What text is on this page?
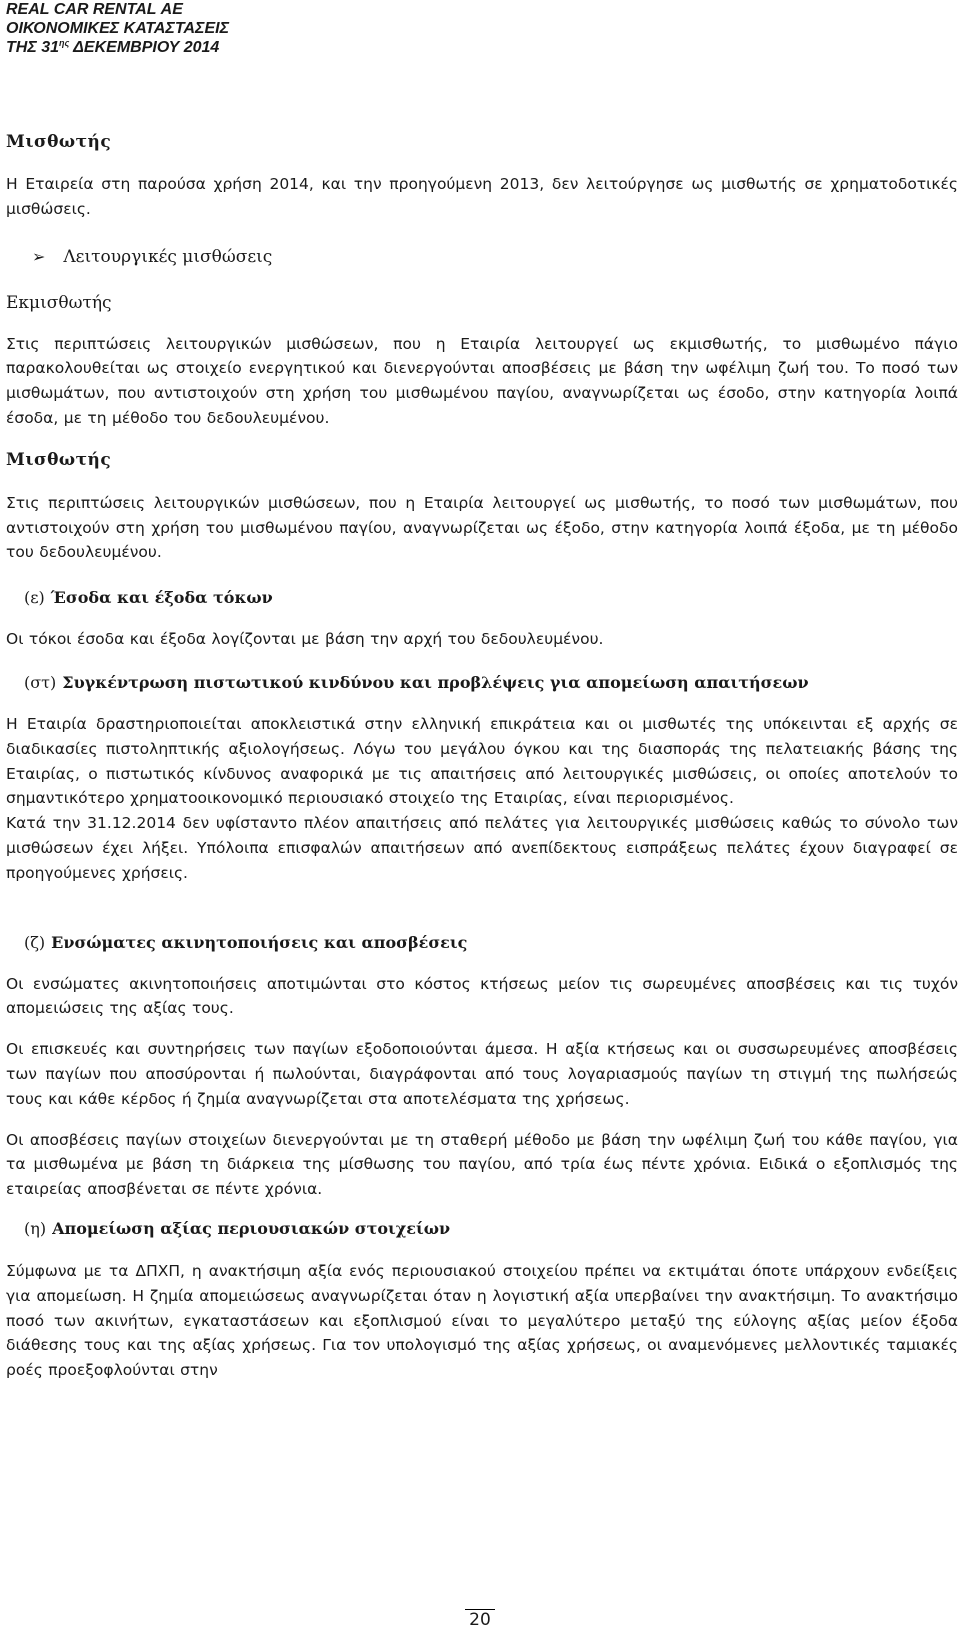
REAL CAR RENTAL ΑΕ
ΟΙΚΟΝΟΜΙΚΕΣ ΚΑΤΑΣΤΑΣΕΙΣ
ΤΗΣ $31^{\eta\varsigma}$ ΔΕΚΕΜΒΡΙΟΥ 2014
Μισθωτής

Η Εταιρεία στη παρούσα χρήση 2014, και την προηγούμενη 2013, δεν λειτούργησε ως μισθωτής σε χρηματοδοτικές μισθώσεις.

➢ Λειτουργικές μισθώσεις
Εκμισθωτής

Στις περιπτώσεις λειτουργικών μισθώσεων, που η Εταιρία λειτουργεί ως εκμισθωτής, το μισθωμένο πάγιο παρακολουθείται ως στοιχείο ενεργητικού και διενεργούνται αποσβέσεις με βάση την ωφέλιμη ζωή του. Το ποσό των μισθωμάτων, που αντιστοιχούν στη χρήση του μισθωμένου παγίου, αναγνωρίζεται ως έσοδο, στην κατηγορία λοιπά έσοδα, με τη μέθοδο του δεδουλευμένου.

Μισθωτής

Στις περιπτώσεις λειτουργικών μισθώσεων, που η Εταιρία λειτουργεί ως μισθωτής, το ποσό των μισθωμάτων, που αντιστοιχούν στη χρήση του μισθωμένου παγίου, αναγνωρίζεται ως έξοδο, στην κατηγορία λοιπά έξοδα, με τη μέθοδο του δεδουλευμένου.

(ε) Έσοδα και έξοδα τόκων

Οι τόκοι έσοδα και έξοδα λογίζονται με βάση την αρχή του δεδουλευμένου.

(στ) Συγκέντρωση πιστωτικού κινδύνου και προβλέψεις για απομείωση απαιτήσεων

Η Εταιρία δραστηριοποιείται αποκλειστικά στην ελληνική επικράτεια και οι μισθωτές της υπόκεινται εξ αρχής σε διαδικασίες πιστοληπτικής αξιολογήσεως. Λόγω του μεγάλου όγκου και της διασποράς της πελατειακής βάσης της Εταιρίας, ο πιστωτικός κίνδυνος αναφορικά με τις απαιτήσεις από λειτουργικές μισθώσεις, οι οποίες αποτελούν το σημαντικότερο χρηματοοικονομικό περιουσιακό στοιχείο της Εταιρίας, είναι περιορισμένος.

Κατά την 31.12.2014 δεν υφίσταντο πλέον απαιτήσεις από πελάτες για λειτουργικές μισθώσεις καθώς το σύνολο των μισθώσεων έχει λήξει. Υπόλοιπα επισφαλών απαιτήσεων από ανεπίδεκτους εισπράξεως πελάτες έχουν διαγραφεί σε προηγούμενες χρήσεις.

(ζ) Ενσώματες ακινητοποιήσεις και αποσβέσεις

Οι ενσώματες ακινητοποιήσεις αποτιμώνται στο κόστος κτήσεως μείον τις σωρευμένες αποσβέσεις και τις τυχόν απομειώσεις της αξίας τους.

Οι επισκευές και συντηρήσεις των παγίων εξοδοποιούνται άμεσα. Η αξία κτήσεως και οι συσσωρευμένες αποσβέσεις των παγίων που αποσύρονται ή πωλούνται, διαγράφονται από τους λογαριασμούς παγίων τη στιγμή της πωλήσεώς τους και κάθε κέρδος ή ζημία αναγνωρίζεται στα αποτελέσματα της χρήσεως.

Οι αποσβέσεις παγίων στοιχείων διενεργούνται με τη σταθερή μέθοδο με βάση την ωφέλιμη ζωή του κάθε παγίου, για τα μισθωμένα με βάση τη διάρκεια της μίσθωσης του παγίου, από τρία έως πέντε χρόνια. Ειδικά ο εξοπλισμός της εταιρείας αποσβένεται σε πέντε χρόνια.

(η) Απομείωση αξίας περιουσιακών στοιχείων

Σύμφωνα με τα ΔΠΧΠ, η ανακτήσιμη αξία ενός περιουσιακού στοιχείου πρέπει να εκτιμάται όποτε υπάρχουν ενδείξεις για απομείωση. Η ζημία απομειώσεως αναγνωρίζεται όταν η λογιστική αξία υπερβαίνει την ανακτήσιμη. Το ανακτήσιμο ποσό των ακινήτων, εγκαταστάσεων και εξοπλισμού είναι το μεγαλύτερο μεταξύ της εύλογης αξίας μείον έξοδα διάθεσης τους και της αξίας χρήσεως. Για τον υπολογισμό της αξίας χρήσεως, οι αναμενόμενες μελλοντικές ταμιακές ροές προεξοφλούνται στην

20
